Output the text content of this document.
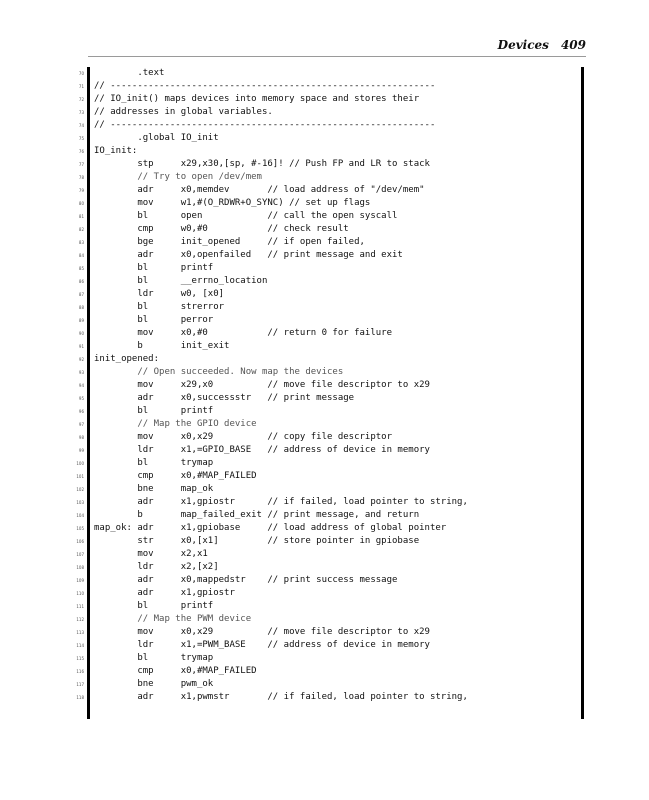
Devices 409
70 .text
71 // ------------------------------------------------------------
72 // IO_init() maps devices into memory space and stores their
73 // addresses in global variables.
74 // ------------------------------------------------------------
75 .global IO_init
76 IO_init:
77 stp     x29,x30,[sp, #-16]! // Push FP and LR to stack
78 // Try to open /dev/mem
79 adr     x0,memdev       // load address of "/dev/mem"
80 mov     w1,#(O_RDWR+O_SYNC) // set up flags
81 bl      open            // call the open syscall
82 cmp     w0,#0           // check result
83 bge     init_opened     // if open failed,
84 adr     x0,openfailed   // print message and exit
85 bl      printf
86 bl      __errno_location
87 ldr     w0, [x0]
88 bl      strerror
89 bl      perror
90 mov     x0,#0           // return 0 for failure
91 b       init_exit
92 init_opened:
93 // Open succeeded. Now map the devices
94 mov     x29,x0          // move file descriptor to x29
95 adr     x0,successstr   // print message
96 bl      printf
97 // Map the GPIO device
98 mov     x0,x29          // copy file descriptor
99 ldr     x1,=GPIO_BASE   // address of device in memory
100 bl      trymap
101 cmp     x0,#MAP_FAILED
102 bne     map_ok
103 adr     x1,gpiostr      // if failed, load pointer to string,
104 b       map_failed_exit // print message, and return
105 map_ok: adr     x1,gpiobase     // load address of global pointer
106 str     x0,[x1]         // store pointer in gpiobase
107 mov     x2,x1
108 ldr     x2,[x2]
109 adr     x0,mappedstr    // print success message
110 adr     x1,gpiostr
111 bl      printf
112 // Map the PWM device
113 mov     x0,x29          // move file descriptor to x29
114 ldr     x1,=PWM_BASE    // address of device in memory
115 bl      trymap
116 cmp     x0,#MAP_FAILED
117 bne     pwm_ok
118 adr     x1,pwmstr       // if failed, load pointer to string,
